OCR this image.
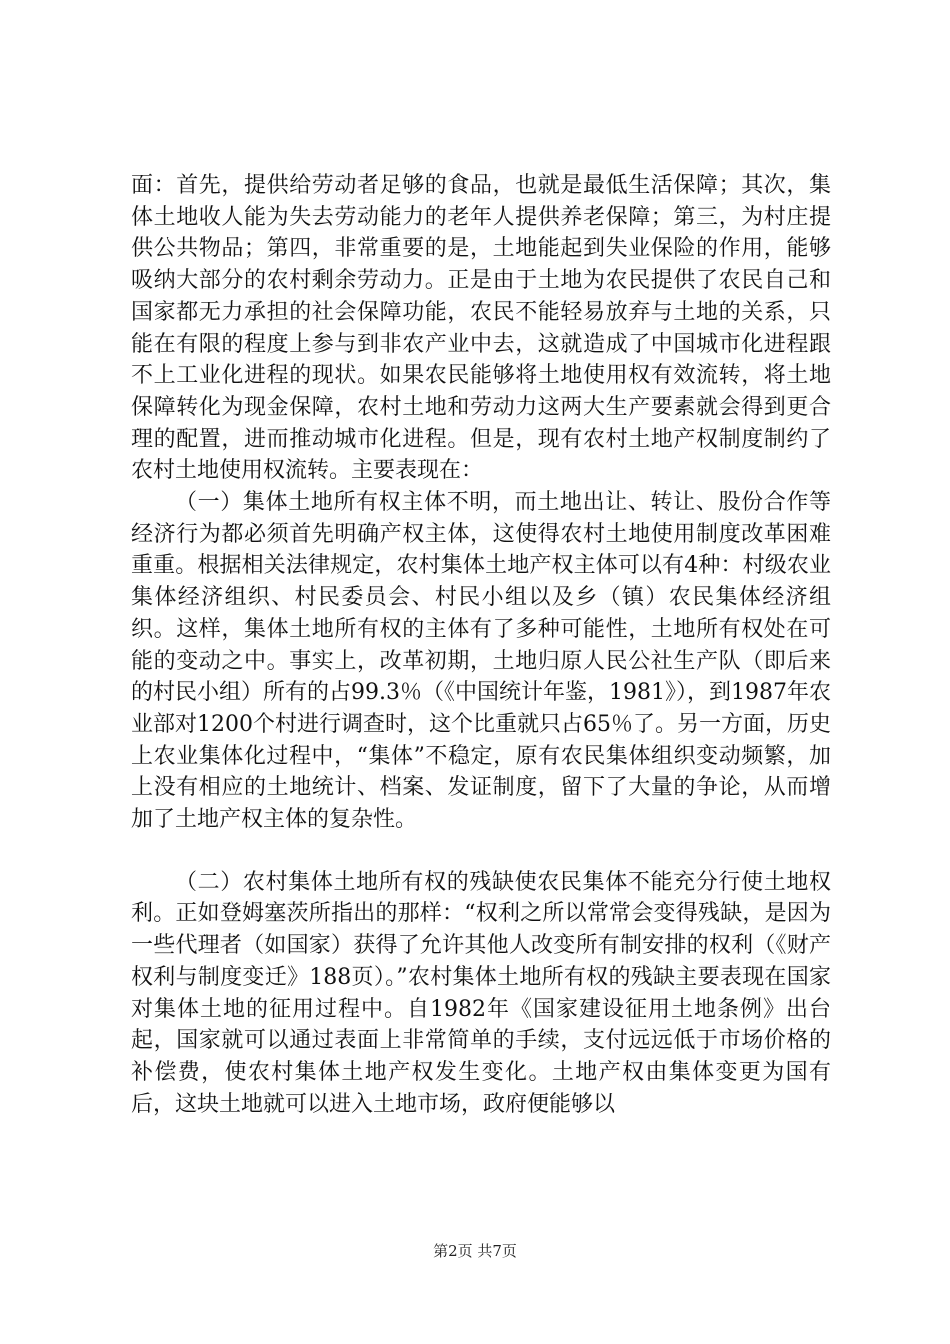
面：首先，提供给劳动者足够的食品，也就是最低生活保障；其次，集体土地收人能为失去劳动能力的老年人提供养老保障；第三，为村庄提供公共物品；第四，非常重要的是，土地能起到失业保险的作用，能够吸纳大部分的农村剩余劳动力。正是由于土地为农民提供了农民自己和国家都无力承担的社会保障功能，农民不能轻易放弃与土地的关系，只能在有限的程度上参与到非农产业中去，这就造成了中国城市化进程跟不上工业化进程的现状。如果农民能够将土地使用权有效流转，将土地保障转化为现金保障，农村土地和劳动力这两大生产要素就会得到更合理的配置，进而推动城市化进程。但是，现有农村土地产权制度制约了农村土地使用权流转。主要表现在：

（一）集体土地所有权主体不明，而土地出让、转让、股份合作等经济行为都必须首先明确产权主体，这使得农村土地使用制度改革困难重重。根据相关法律规定，农村集体土地产权主体可以有4种：村级农业集体经济组织、村民委员会、村民小组以及乡（镇）农民集体经济组织。这样，集体土地所有权的主体有了多种可能性，土地所有权处在可能的变动之中。事实上，改革初期，土地归原人民公社生产队（即后来的村民小组）所有的占99.3％（《中国统计年鉴，1981》），到1987年农业部对1200个村进行调查时，这个比重就只占65％了。另一方面，历史上农业集体化过程中，“集体”不稳定，原有农民集体组织变动频繁，加上没有相应的土地统计、档案、发证制度，留下了大量的争论，从而增加了土地产权主体的复杂性。

（二）农村集体土地所有权的残缺使农民集体不能充分行使土地权利。正如登姆塞茨所指出的那样：“权利之所以常常会变得残缺，是因为一些代理者（如国家）获得了允许其他人改变所有制安排的权利（《财产权利与制度变迁》188页）。”农村集体土地所有权的残缺主要表现在国家对集体土地的征用过程中。自1982年《国家建设征用土地条例》出台起，国家就可以通过表面上非常简单的手续，支付远远低于市场价格的补偿费，使农村集体土地产权发生变化。土地产权由集体变更为国有后，这块土地就可以进入土地市场，政府便能够以

第2页 共7页
